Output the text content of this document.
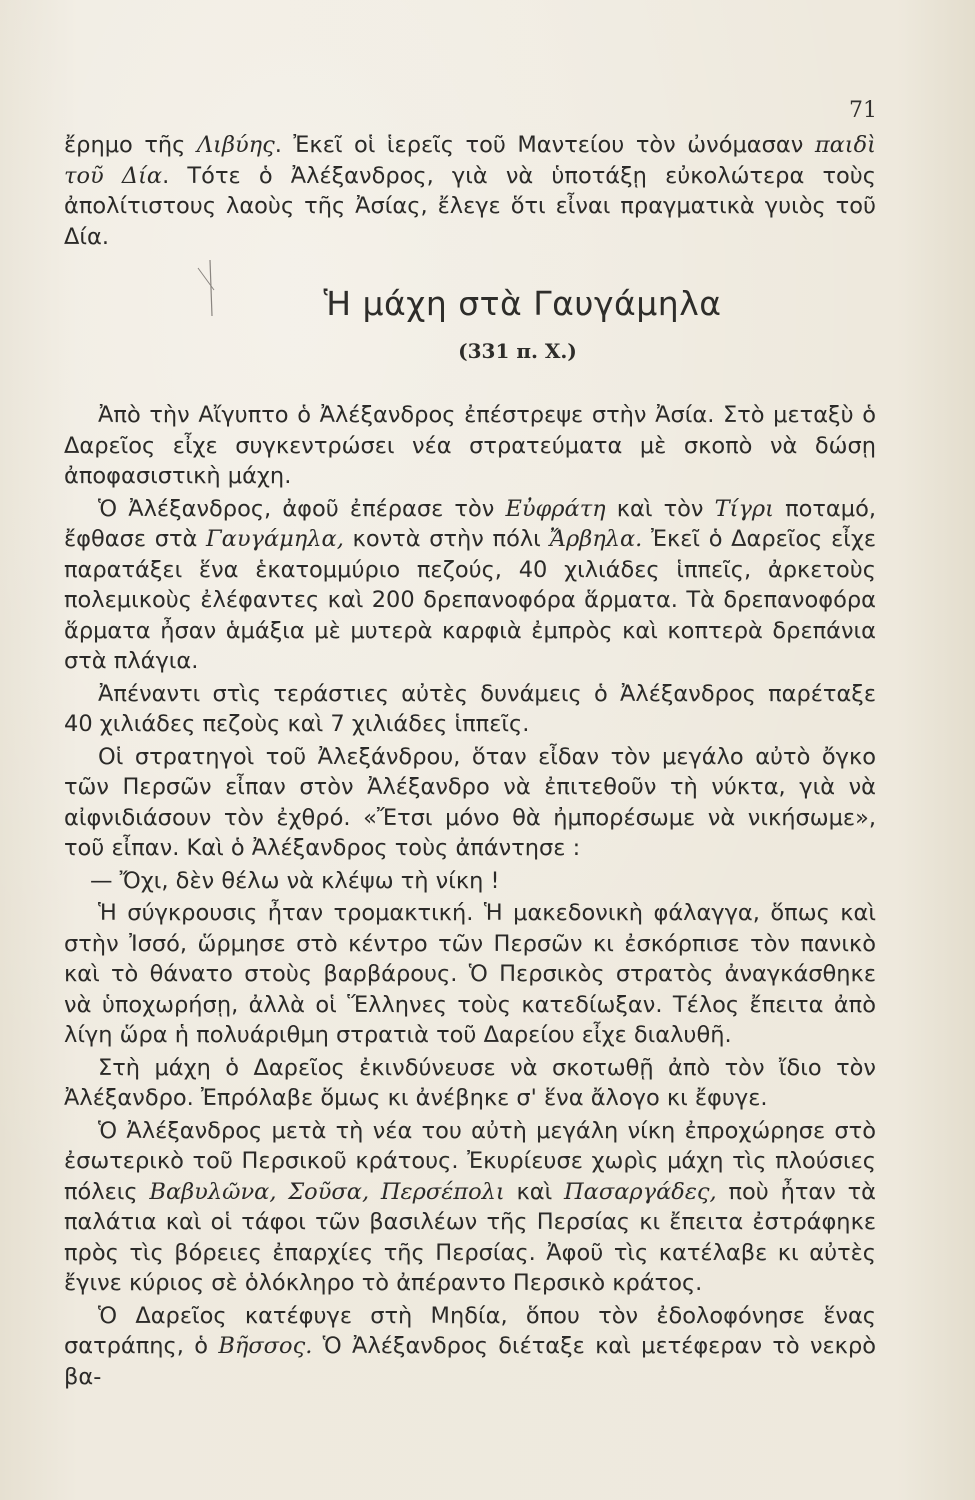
71

ἔρημο τῆς Λιβύης. Ἐκεῖ οἱ ἱερεῖς τοῦ Μαντείου τὸν ὠνόμασαν παιδὶ τοῦ Δία. Τότε ὁ Ἀλέξανδρος, γιὰ νὰ ὑποτάξῃ εὐκολώτερα τοὺς ἀπολίτιστους λαοὺς τῆς Ἀσίας, ἔλεγε ὅτι εἶναι πραγματικὰ γυιὸς τοῦ Δία.

Ἡ μάχη στὰ Γαυγάμηλα
(331 π. Χ.)

Ἀπὸ τὴν Αἴγυπτο ὁ Ἀλέξανδρος ἐπέστρεψε στὴν Ἀσία. Στὸ μεταξὺ ὁ Δαρεῖος εἶχε συγκεντρώσει νέα στρατεύματα μὲ σκοπὸ νὰ δώσῃ ἀποφασιστικὴ μάχη.

Ὁ Ἀλέξανδρος, ἀφοῦ ἐπέρασε τὸν Εὐφράτη καὶ τὸν Τίγρι ποταμό, ἔφθασε στὰ Γαυγάμηλα, κοντὰ στὴν πόλι Ἄρβηλα. Ἐκεῖ ὁ Δαρεῖος εἶχε παρατάξει ἕνα ἑκατομμύριο πεζούς, 40 χιλιάδες ἱππεῖς, ἀρκετοὺς πολεμικοὺς ἐλέφαντες καὶ 200 δρεπανοφόρα ἅρματα. Τὰ δρεπανοφόρα ἅρματα ἦσαν ἁμάξια μὲ μυτερὰ καρφιὰ ἐμπρὸς καὶ κοπτερὰ δρεπάνια στὰ πλάγια.

Ἀπέναντι στὶς τεράστιες αὐτὲς δυνάμεις ὁ Ἀλέξανδρος παρέταξε 40 χιλιάδες πεζοὺς καὶ 7 χιλιάδες ἱππεῖς.

Οἱ στρατηγοὶ τοῦ Ἀλεξάνδρου, ὅταν εἶδαν τὸν μεγάλο αὐτὸ ὄγκο τῶν Περσῶν εἶπαν στὸν Ἀλέξανδρο νὰ ἐπιτεθοῦν τὴ νύκτα, γιὰ νὰ αἰφνιδιάσουν τὸν ἐχθρό. «Ἔτσι μόνο θὰ ἠμπορέσωμε νὰ νικήσωμε», τοῦ εἶπαν. Καὶ ὁ Ἀλέξανδρος τοὺς ἀπάντησε :

— Ὄχι, δὲν θέλω νὰ κλέψω τὴ νίκη !

Ἡ σύγκρουσις ἦταν τρομακτική. Ἡ μακεδονικὴ φάλαγγα, ὅπως καὶ στὴν Ἰσσό, ὥρμησε στὸ κέντρο τῶν Περσῶν κι ἐσκόρπισε τὸν πανικὸ καὶ τὸ θάνατο στοὺς βαρβάρους. Ὁ Περσικὸς στρατὸς ἀναγκάσθηκε νὰ ὑποχωρήσῃ, ἀλλὰ οἱ Ἕλληνες τοὺς κατεδίωξαν. Τέλος ἔπειτα ἀπὸ λίγη ὥρα ἡ πολυάριθμη στρατιὰ τοῦ Δαρείου εἶχε διαλυθῆ.

Στὴ μάχη ὁ Δαρεῖος ἐκινδύνευσε νὰ σκοτωθῇ ἀπὸ τὸν ἴδιο τὸν Ἀλέξανδρο. Ἐπρόλαβε ὅμως κι ἀνέβηκε σ' ἕνα ἄλογο κι ἔφυγε.

Ὁ Ἀλέξανδρος μετὰ τὴ νέα του αὐτὴ μεγάλη νίκη ἐπροχώρησε στὸ ἐσωτερικὸ τοῦ Περσικοῦ κράτους. Ἐκυρίευσε χωρὶς μάχη τὶς πλούσιες πόλεις Βαβυλῶνα, Σοῦσα, Περσέπολι καὶ Πασαργάδες, ποὺ ἦταν τὰ παλάτια καὶ οἱ τάφοι τῶν βασιλέων τῆς Περσίας κι ἔπειτα ἐστράφηκε πρὸς τὶς βόρειες ἐπαρχίες τῆς Περσίας. Ἀφοῦ τὶς κατέλαβε κι αὐτὲς ἔγινε κύριος σὲ ὁλόκληρο τὸ ἀπέραντο Περσικὸ κράτος.

Ὁ Δαρεῖος κατέφυγε στὴ Μηδία, ὅπου τὸν ἐδολοφόνησε ἕνας σατράπης, ὁ Βῆσσος. Ὁ Ἀλέξανδρος διέταξε καὶ μετέφεραν τὸ νεκρὸ βα-
